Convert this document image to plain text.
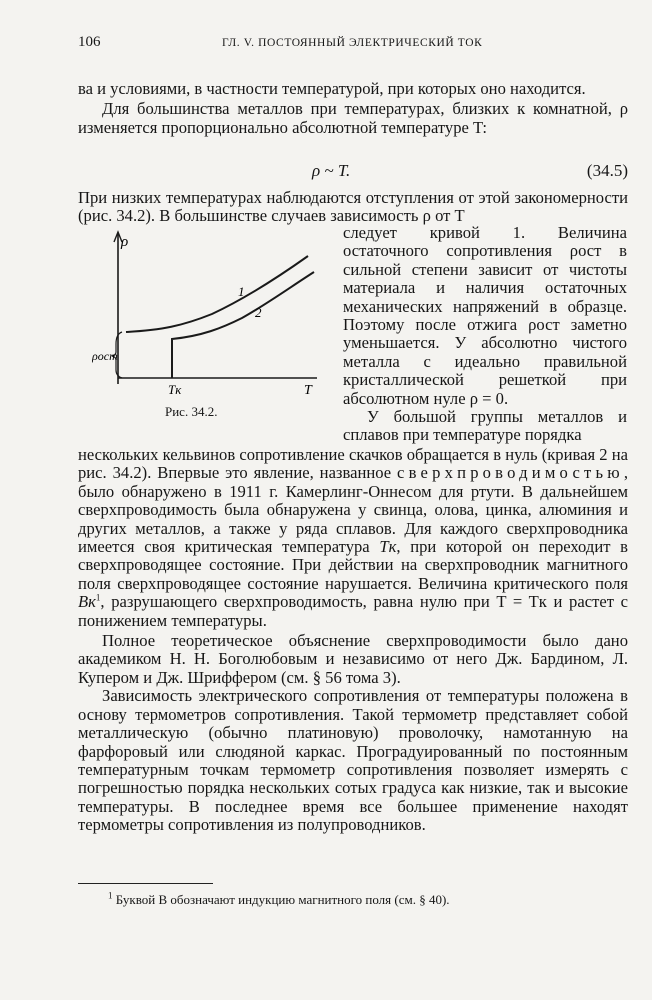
106	ГЛ. V. ПОСТОЯННЫЙ ЭЛЕКТРИЧЕСКИЙ ТОК

ва и условиями, в частности температурой, при которых оно находится.

Для большинства металлов при температурах, близких к комнатной, ρ изменяется пропорционально абсолютной температуре T:

ρ ~ T.	(34.5)

При низких температурах наблюдаются отступления от этой закономерности (рис. 34.2). В большинстве случаев зависимость ρ от T

ρ
T
ρост
Tк
1
2
Рис. 34.2.

следует кривой 1. Величина остаточного сопротивления ρост в сильной степени зависит от чистоты материала и наличия остаточных механических напряжений в образце. Поэтому после отжига ρост заметно уменьшается. У абсолютно чистого металла с идеально правильной кристаллической решеткой при абсолютном нуле ρ = 0.

У большой группы металлов и сплавов при температуре порядка

нескольких кельвинов сопротивление скачков обращается в нуль (кривая 2 на рис. 34.2). Впервые это явление, названное сверхпроводимостью, было обнаружено в 1911 г. Камерлинг-Оннесом для ртути. В дальнейшем сверхпроводимость была обнаружена у свинца, олова, цинка, алюминия и других металлов, а также у ряда сплавов. Для каждого сверхпроводника имеется своя критическая температура Tк, при которой он переходит в сверхпроводящее состояние. При действии на сверхпроводник магнитного поля сверхпроводящее состояние нарушается. Величина критического поля $Bк^1$, разрушающего сверхпроводимость, равна нулю при T = Tк и растет с понижением температуры.

Полное теоретическое объяснение сверхпроводимости было дано академиком Н. Н. Боголюбовым и независимо от него Дж. Бардином, Л. Купером и Дж. Шриффером (см. § 56 тома 3).

Зависимость электрического сопротивления от температуры положена в основу термометров сопротивления. Такой термометр представляет собой металлическую (обычно платиновую) проволочку, намотанную на фарфоровый или слюдяной каркас. Проградуированный по постоянным температурным точкам термометр сопротивления позволяет измерять с погрешностью порядка нескольких сотых градуса как низкие, так и высокие температуры. В последнее время все большее применение находят термометры сопротивления из полупроводников.

$^1$ Буквой B обозначают индукцию магнитного поля (см. § 40).
